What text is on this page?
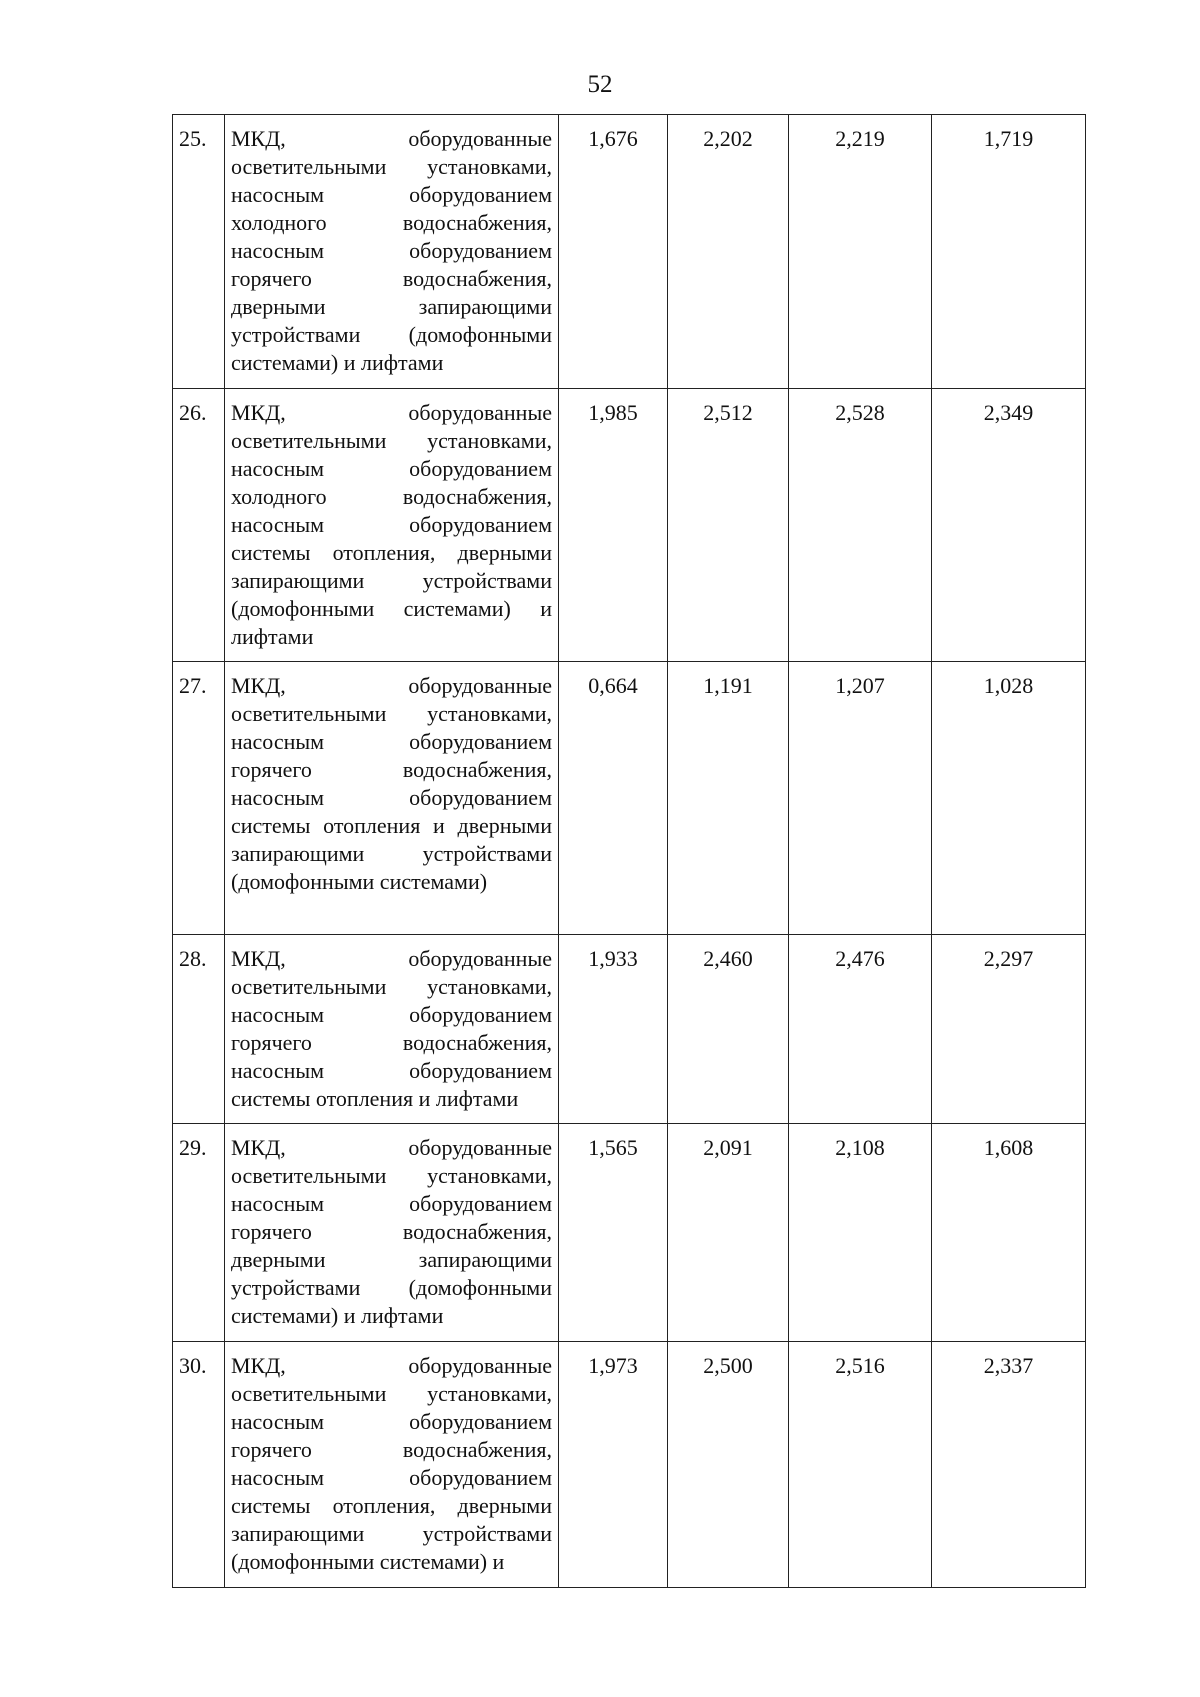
52
25.	МКД, оборудованные осветительными установками, насосным оборудованием холодного водоснабжения, насосным оборудованием горячего водоснабжения, дверными запирающими устройствами (домофонными системами) и лифтами	1,676	2,202	2,219	1,719
26.	МКД, оборудованные осветительными установками, насосным оборудованием холодного водоснабжения, насосным оборудованием системы отопления, дверными запирающими устройствами (домофонными системами) и лифтами	1,985	2,512	2,528	2,349
27.	МКД, оборудованные осветительными установками, насосным оборудованием горячего водоснабжения, насосным оборудованием системы отопления и дверными запирающими устройствами (домофонными системами)	0,664	1,191	1,207	1,028
28.	МКД, оборудованные осветительными установками, насосным оборудованием горячего водоснабжения, насосным оборудованием системы отопления и лифтами	1,933	2,460	2,476	2,297
29.	МКД, оборудованные осветительными установками, насосным оборудованием горячего водоснабжения, дверными запирающими устройствами (домофонными системами) и лифтами	1,565	2,091	2,108	1,608
30.	МКД, оборудованные осветительными установками, насосным оборудованием горячего водоснабжения, насосным оборудованием системы отопления, дверными запирающими устройствами (домофонными системами) и	1,973	2,500	2,516	2,337
